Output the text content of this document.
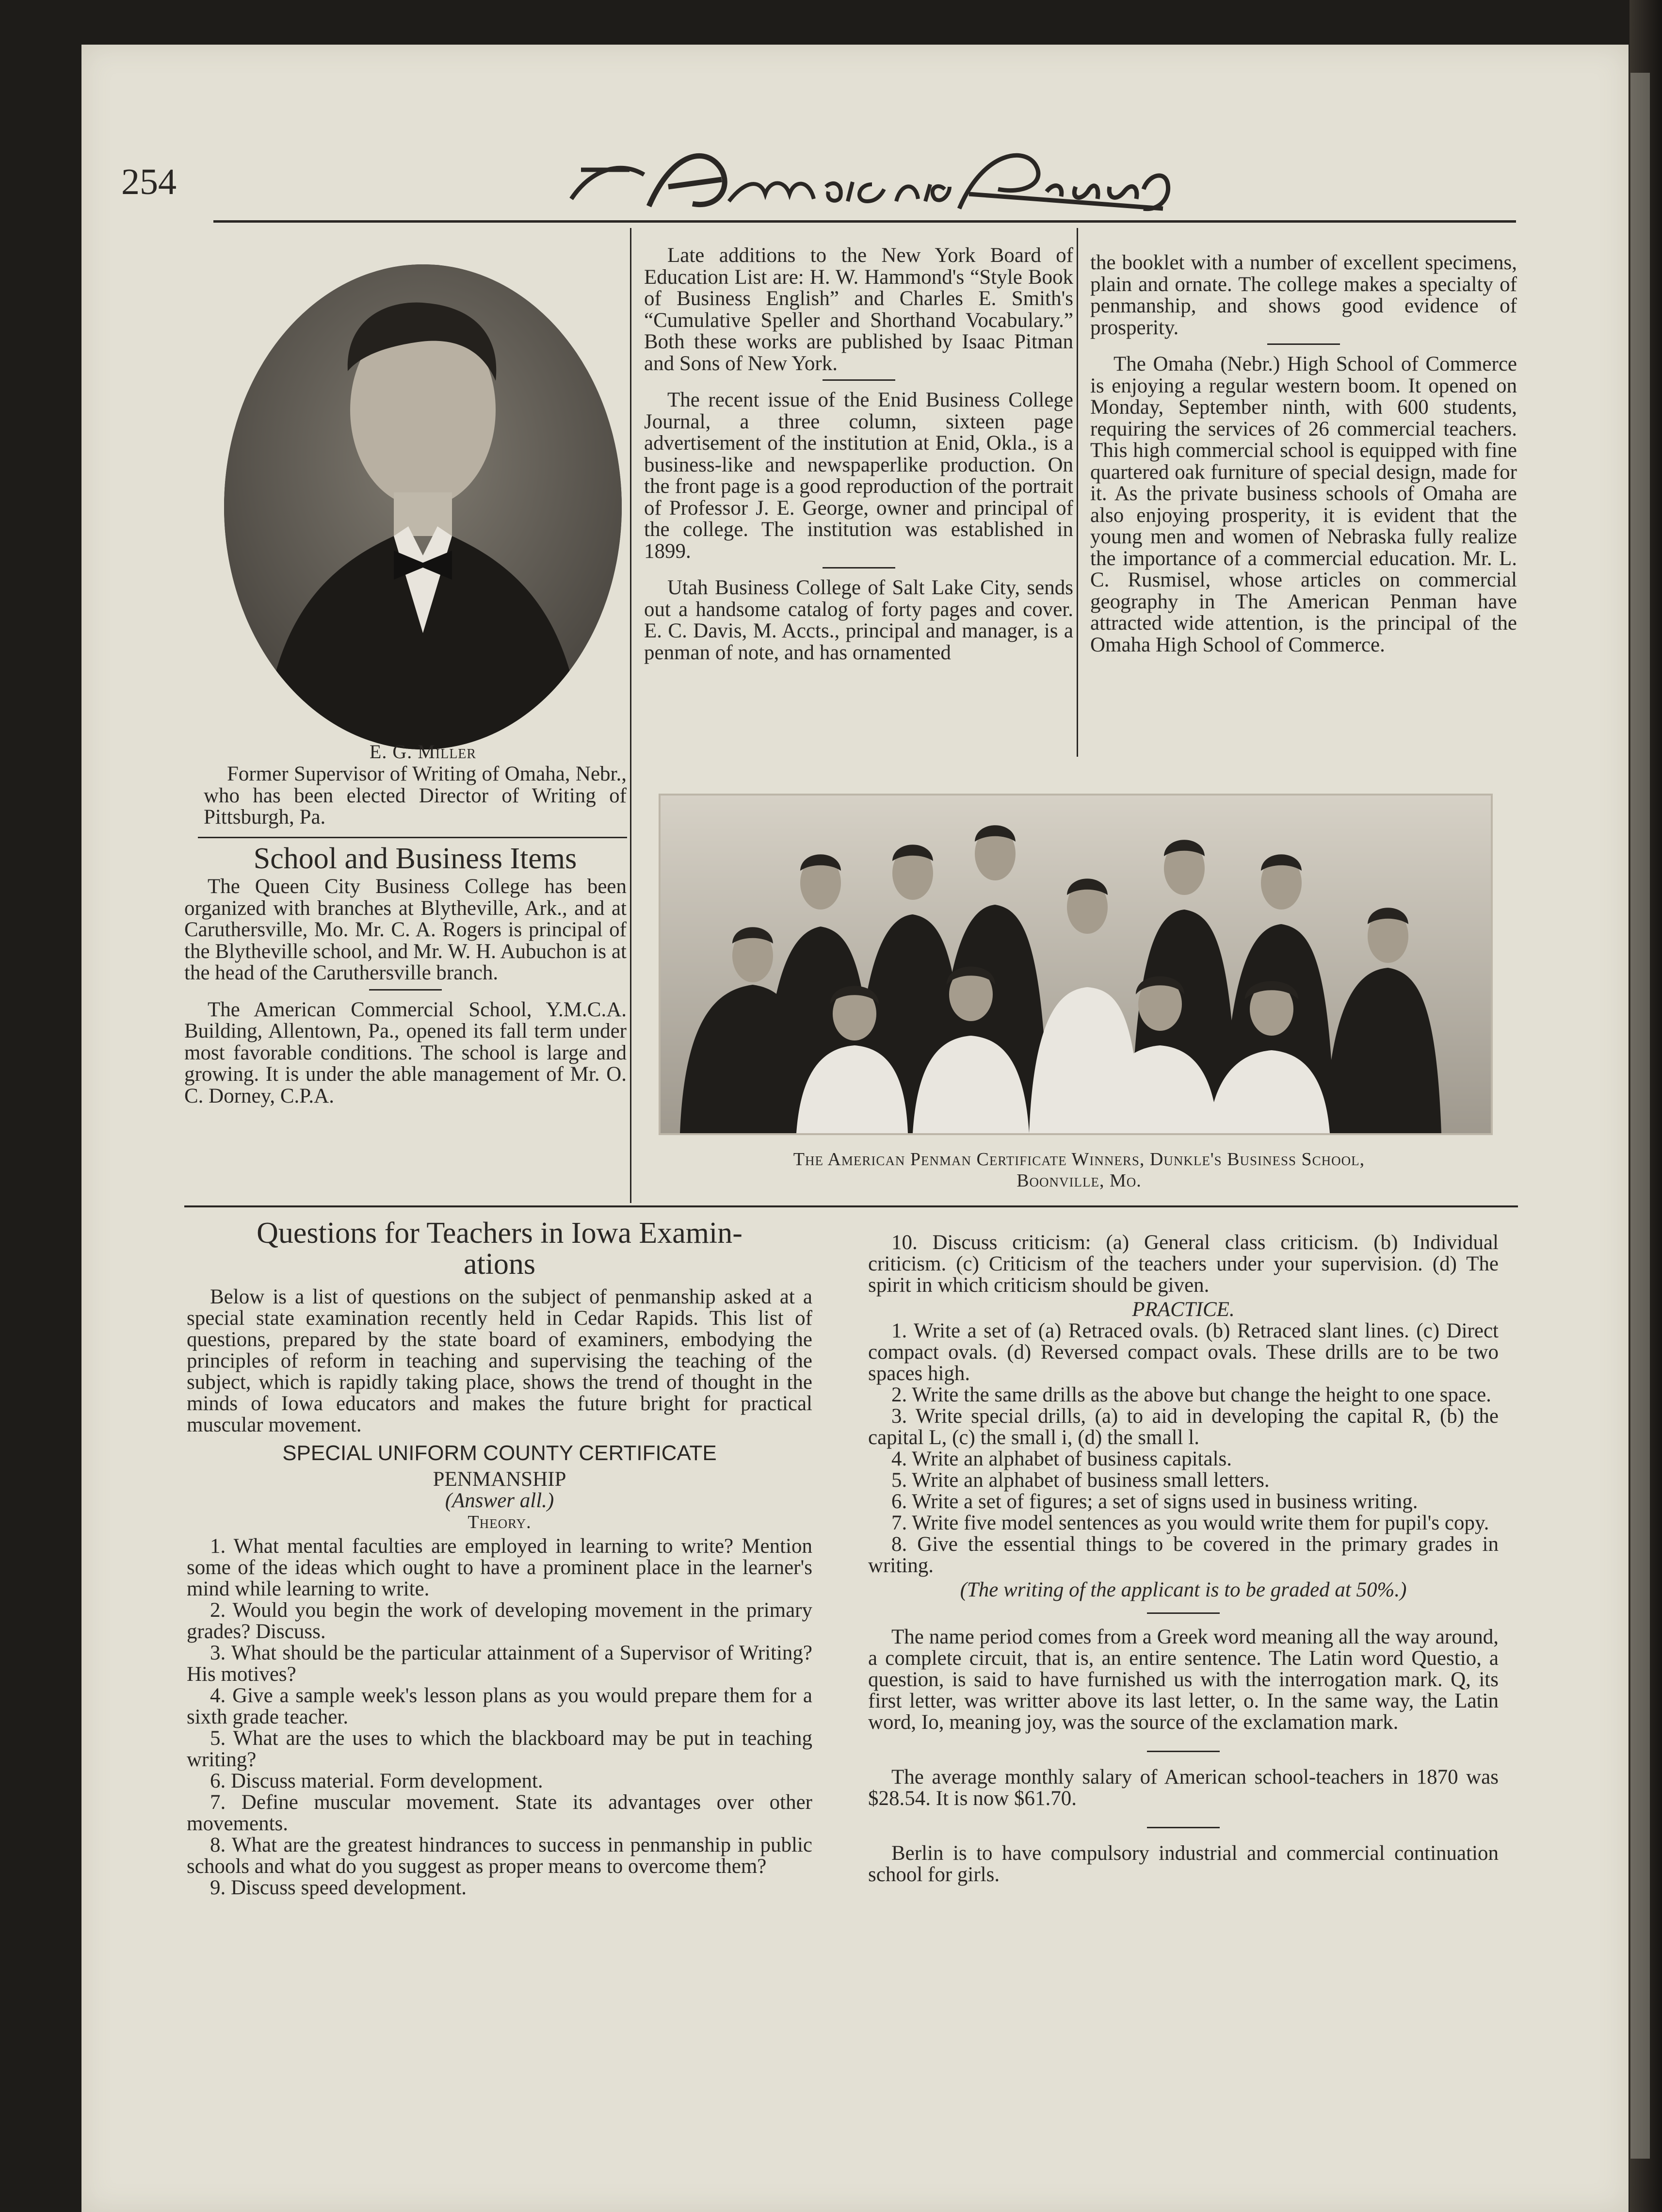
254
E. G. Miller
Former Supervisor of Writing of Omaha, Nebr., who has been elected Director of Writing of Pittsburgh, Pa.
School and Business Items

The Queen City Business College has been organized with branches at Blytheville, Ark., and at Caruthersville, Mo. Mr. C. A. Rogers is principal of the Blytheville school, and Mr. W. H. Aubuchon is at the head of the Caruthersville branch.

The American Commercial School, Y.M.C.A. Building, Allentown, Pa., opened its fall term under most favorable conditions. The school is large and growing. It is under the able management of Mr. O. C. Dorney, C.P.A.

Late additions to the New York Board of Education List are: H. W. Hammond's “Style Book of Business English” and Charles E. Smith's “Cumulative Speller and Shorthand Vocabulary.” Both these works are published by Isaac Pitman and Sons of New York.

The recent issue of the Enid Business College Journal, a three column, sixteen page advertisement of the institution at Enid, Okla., is a business-like and newspaperlike production. On the front page is a good reproduction of the portrait of Professor J. E. George, owner and principal of the college. The institution was established in 1899.

Utah Business College of Salt Lake City, sends out a handsome catalog of forty pages and cover. E. C. Davis, M. Accts., principal and manager, is a penman of note, and has ornamented

the booklet with a number of excellent specimens, plain and ornate. The college makes a specialty of penmanship, and shows good evidence of prosperity.

The Omaha (Nebr.) High School of Commerce is enjoying a regular western boom. It opened on Monday, September ninth, with 600 students, requiring the services of 26 commercial teachers. This high commercial school is equipped with fine quartered oak furniture of special design, made for it. As the private business schools of Omaha are also enjoying prosperity, it is evident that the young men and women of Nebraska fully realize the importance of a commercial education. Mr. L. C. Rusmisel, whose articles on commercial geography in The American Penman have attracted wide attention, is the principal of the Omaha High School of Commerce.

The American Penman Certificate Winners, Dunkle's Business School,
Boonville, Mo.
Questions for Teachers in Iowa Examin-
ations

Below is a list of questions on the subject of penmanship asked at a special state examination recently held in Cedar Rapids. This list of questions, prepared by the state board of examiners, embodying the principles of reform in teaching and supervising the teaching of the subject, which is rapidly taking place, shows the trend of thought in the minds of Iowa educators and makes the future bright for practical muscular movement.

SPECIAL UNIFORM COUNTY CERTIFICATE
PENMANSHIP
(Answer all.)
Theory.
1. What mental faculties are employed in learning to write? Mention some of the ideas which ought to have a prominent place in the learner's mind while learning to write.
2. Would you begin the work of developing movement in the primary grades? Discuss.
3. What should be the particular attainment of a Supervisor of Writing? His motives?
4. Give a sample week's lesson plans as you would prepare them for a sixth grade teacher.
5. What are the uses to which the blackboard may be put in teaching writing?
6. Discuss material. Form development.
7. Define muscular movement. State its advantages over other movements.
8. What are the greatest hindrances to success in penmanship in public schools and what do you suggest as proper means to overcome them?
9. Discuss speed development.
10. Discuss criticism: (a) General class criticism. (b) Individual criticism. (c) Criticism of the teachers under your supervision. (d) The spirit in which criticism should be given.
PRACTICE.
1. Write a set of (a) Retraced ovals. (b) Retraced slant lines. (c) Direct compact ovals. (d) Reversed compact ovals. These drills are to be two spaces high.
2. Write the same drills as the above but change the height to one space.
3. Write special drills, (a) to aid in developing the capital R, (b) the capital L, (c) the small i, (d) the small l.
4. Write an alphabet of business capitals.
5. Write an alphabet of business small letters.
6. Write a set of figures; a set of signs used in business writing.
7. Write five model sentences as you would write them for pupil's copy.
8. Give the essential things to be covered in the primary grades in writing.
(The writing of the applicant is to be graded at 50%.)

The name period comes from a Greek word meaning all the way around, a complete circuit, that is, an entire sentence. The Latin word Questio, a question, is said to have furnished us with the interrogation mark. Q, its first letter, was writter above its last letter, o. In the same way, the Latin word, Io, meaning joy, was the source of the exclamation mark.

The average monthly salary of American school-teachers in 1870 was $28.54. It is now $61.70.

Berlin is to have compulsory industrial and commercial continuation school for girls.
